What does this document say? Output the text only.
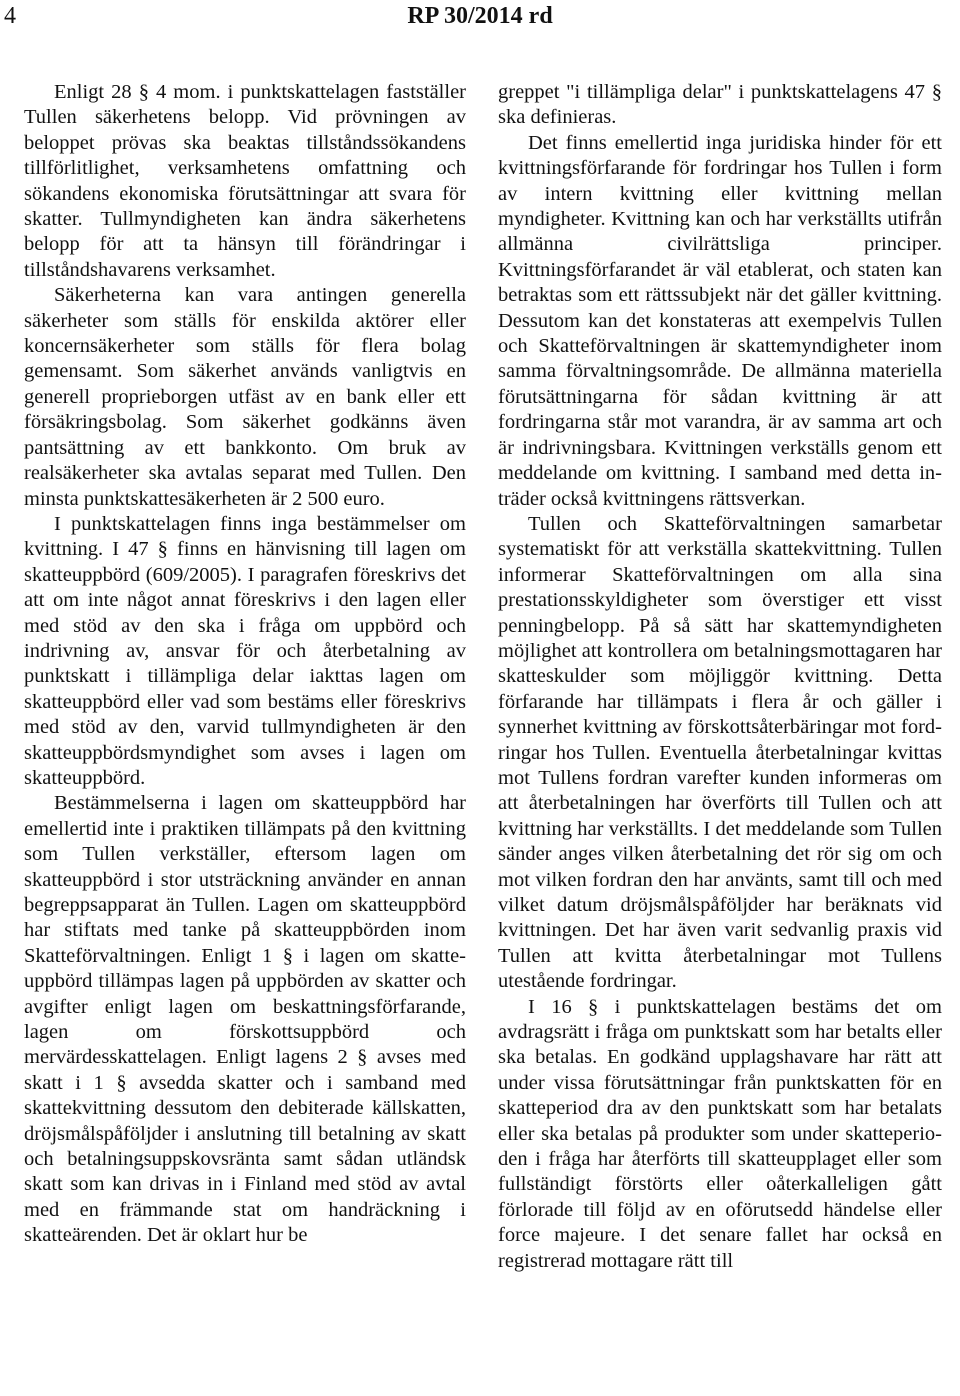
4	RP 30/2014 rd

Enligt 28 § 4 mom. i punktskattelagen fastställer Tullen säkerhetens belopp. Vid prövningen av beloppet prövas ska beaktas tillståndssökandens tillförlitlighet, verksamhetens omfattning och sökandens ekonomiska förutsättningar att svara för skatter. Tullmyndigheten kan ändra säkerhetens belopp för att ta hänsyn till förändringar i tillståndshavarens verksamhet.

Säkerheterna kan vara antingen generella säkerheter som ställs för enskilda aktörer eller koncernsäkerheter som ställs för flera bolag gemensamt. Som säkerhet används vanligtvis en generell proprieborgen utfäst av en bank eller ett försäkringsbolag. Som säkerhet godkänns även pantsättning av ett bankkonto. Om bruk av realsäkerheter ska avtalas separat med Tullen. Den minsta punktskattesäkerheten är 2 500 euro.

I punktskattelagen finns inga bestämmelser om kvittning. I 47 § finns en hänvisning till lagen om skatteuppbörd (609/2005). I paragrafen föreskrivs det att om inte något annat föreskrivs i den lagen eller med stöd av den ska i fråga om uppbörd och indrivning av, ansvar för och återbetalning av punktskatt i tillämpliga delar iakttas lagen om skatteuppbörd eller vad som bestäms eller föreskrivs med stöd av den, varvid tullmyndigheten är den skatteuppbördsmyndighet som avses i lagen om skatteuppbörd.

Bestämmelserna i lagen om skatteuppbörd har emellertid inte i praktiken tillämpats på den kvittning som Tullen verkställer, eftersom lagen om skatteuppbörd i stor utsträckning använder en annan begreppsapparat än Tullen. Lagen om skatteuppbörd har stiftats med tanke på skatteuppbörden inom Skatteförvaltningen. Enligt 1 § i lagen om skatteuppbörd tillämpas lagen på uppbörden av skatter och avgifter enligt lagen om beskattningsförfarande, lagen om förskottsuppbörd och mervärdesskattelagen. Enligt lagens 2 § avses med skatt i 1 § avsedda skatter och i samband med skattekvittning dessutom den debiterade källskatten, dröjsmålspåföljder i anslutning till betalning av skatt och betalningsuppskovsränta samt sådan utländsk skatt som kan drivas in i Finland med stöd av avtal med en främmande stat om handräckning i skatteärenden. Det är oklart hur be

greppet "i tillämpliga delar" i punktskattelagens 47 § ska definieras.

Det finns emellertid inga juridiska hinder för ett kvittningsförfarande för fordringar hos Tullen i form av intern kvittning eller kvittning mellan myndigheter. Kvittning kan och har verkställts utifrån allmänna civilrättsliga principer. Kvittningsförfarandet är väl etablerat, och staten kan betraktas som ett rättssubjekt när det gäller kvittning. Dessutom kan det konstateras att exempelvis Tullen och Skatteförvaltningen är skattemyndigheter inom samma förvaltningsområde. De allmänna materiella förutsättningarna för sådan kvittning är att fordringarna står mot varandra, är av samma art och är indrivningsbara. Kvittningen verkställs genom ett meddelande om kvittning. I samband med detta inträder också kvittningens rättsverkan.

Tullen och Skatteförvaltningen samarbetar systematiskt för att verkställa skattekvittning. Tullen informerar Skatteförvaltningen om alla sina prestationsskyldigheter som överstiger ett visst penningbelopp. På så sätt har skattemyndigheten möjlighet att kontrollera om betalningsmottagaren har skatteskulder som möjliggör kvittning. Detta förfarande har tillämpats i flera år och gäller i synnerhet kvittning av förskottsåterbäringar mot fordringar hos Tullen. Eventuella återbetalningar kvittas mot Tullens fordran varefter kunden informeras om att återbetalningen har överförts till Tullen och att kvittning har verkställts. I det meddelande som Tullen sänder anges vilken återbetalning det rör sig om och mot vilken fordran den har använts, samt till och med vilket datum dröjsmålspåföljder har beräknats vid kvittningen. Det har även varit sedvanlig praxis vid Tullen att kvitta återbetalningar mot Tullens utestående fordringar.

I 16 § i punktskattelagen bestäms det om avdragsrätt i fråga om punktskatt som har betalts eller ska betalas. En godkänd upplagshavare har rätt att under vissa förutsättningar från punktskatten för en skatteperiod dra av den punktskatt som har betalats eller ska betalas på produkter som under skatteperioden i fråga har återförts till skatteupplaget eller som fullständigt förstörts eller oåterkalleligen gått förlorade till följd av en oförutsedd händelse eller force majeure. I det senare fallet har också en registrerad mottagare rätt till
